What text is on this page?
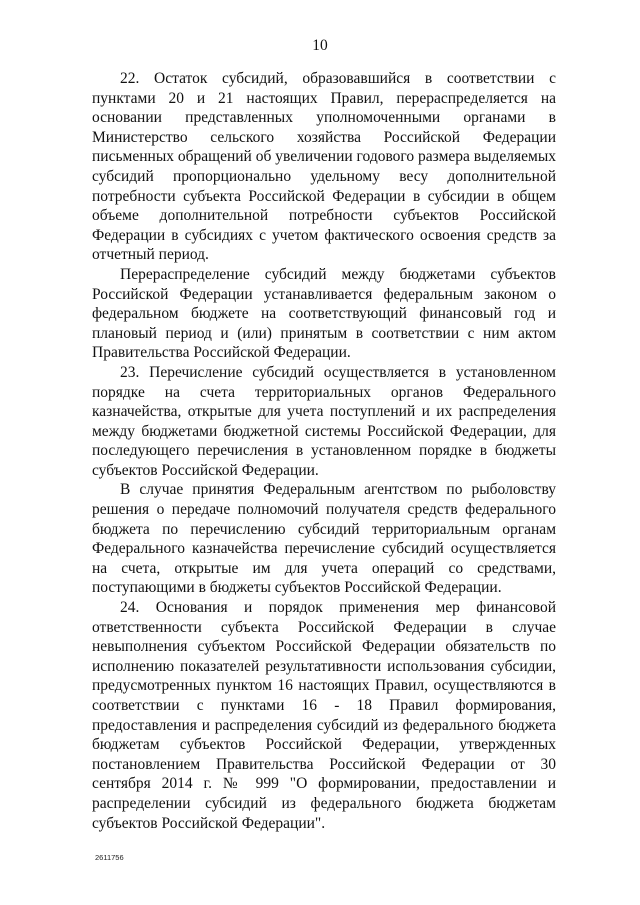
10

22. Остаток субсидий, образовавшийся в соответствии с пунктами 20 и 21 настоящих Правил, перераспределяется на основании представленных уполномоченными органами в Министерство сельского хозяйства Российской Федерации письменных обращений об увеличении годового размера выделяемых субсидий пропорционально удельному весу дополнительной потребности субъекта Российской Федерации в субсидии в общем объеме дополнительной потребности субъектов Российской Федерации в субсидиях с учетом фактического освоения средств за отчетный период.

Перераспределение субсидий между бюджетами субъектов Российской Федерации устанавливается федеральным законом о федеральном бюджете на соответствующий финансовый год и плановый период и (или) принятым в соответствии с ним актом Правительства Российской Федерации.

23. Перечисление субсидий осуществляется в установленном порядке на счета территориальных органов Федерального казначейства, открытые для учета поступлений и их распределения между бюджетами бюджетной системы Российской Федерации, для последующего перечисления в установленном порядке в бюджеты субъектов Российской Федерации.

В случае принятия Федеральным агентством по рыболовству решения о передаче полномочий получателя средств федерального бюджета по перечислению субсидий территориальным органам Федерального казначейства перечисление субсидий осуществляется на счета, открытые им для учета операций со средствами, поступающими в бюджеты субъектов Российской Федерации.

24. Основания и порядок применения мер финансовой ответственности субъекта Российской Федерации в случае невыполнения субъектом Российской Федерации обязательств по исполнению показателей результативности использования субсидии, предусмотренных пунктом 16 настоящих Правил, осуществляются в соответствии с пунктами 16 - 18 Правил формирования, предоставления и распределения субсидий из федерального бюджета бюджетам субъектов Российской Федерации, утвержденных постановлением Правительства Российской Федерации от 30 сентября 2014 г. № 999 "О формировании, предоставлении и распределении субсидий из федерального бюджета бюджетам субъектов Российской Федерации".

2611756
